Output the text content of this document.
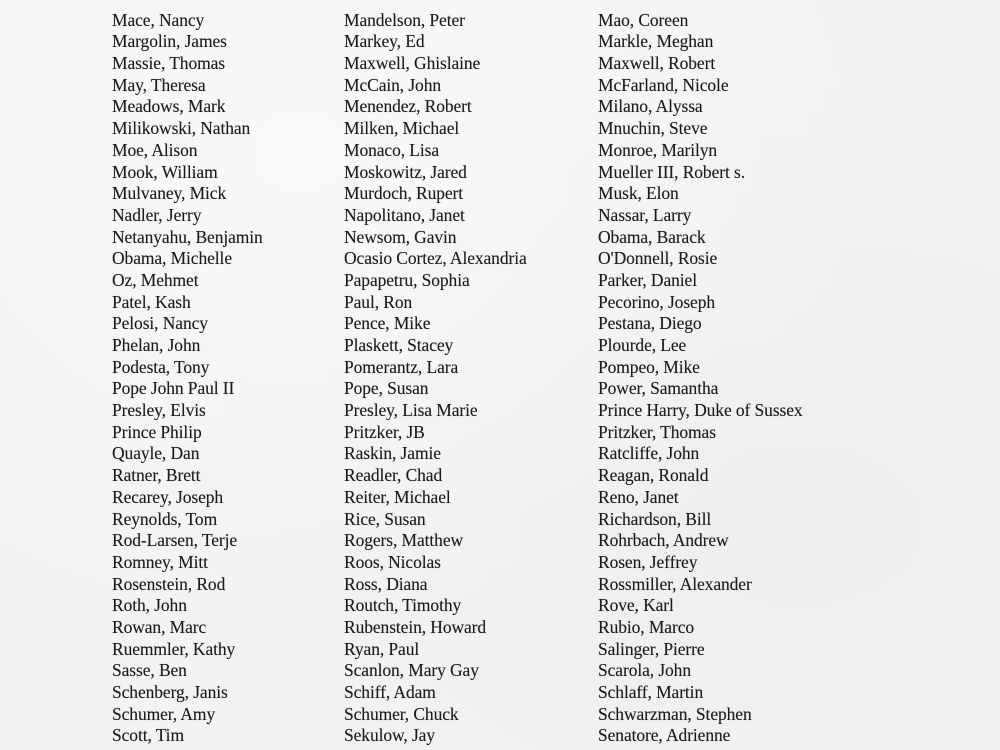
Mace, Nancy	Mandelson, Peter	Mao, Coreen
Margolin, James	Markey, Ed	Markle, Meghan
Massie, Thomas	Maxwell, Ghislaine	Maxwell, Robert
May, Theresa	McCain, John	McFarland, Nicole
Meadows, Mark	Menendez, Robert	Milano, Alyssa
Milikowski, Nathan	Milken, Michael	Mnuchin, Steve
Moe, Alison	Monaco, Lisa	Monroe, Marilyn
Mook, William	Moskowitz, Jared	Mueller III, Robert s.
Mulvaney, Mick	Murdoch, Rupert	Musk, Elon
Nadler, Jerry	Napolitano, Janet	Nassar, Larry
Netanyahu, Benjamin	Newsom, Gavin	Obama, Barack
Obama, Michelle	Ocasio Cortez, Alexandria	O'Donnell, Rosie
Oz, Mehmet	Papapetru, Sophia	Parker, Daniel
Patel, Kash	Paul, Ron	Pecorino, Joseph
Pelosi, Nancy	Pence, Mike	Pestana, Diego
Phelan, John	Plaskett, Stacey	Plourde, Lee
Podesta, Tony	Pomerantz, Lara	Pompeo, Mike
Pope John Paul II	Pope, Susan	Power, Samantha
Presley, Elvis	Presley, Lisa Marie	Prince Harry, Duke of Sussex
Prince Philip	Pritzker, JB	Pritzker, Thomas
Quayle, Dan	Raskin, Jamie	Ratcliffe, John
Ratner, Brett	Readler, Chad	Reagan, Ronald
Recarey, Joseph	Reiter, Michael	Reno, Janet
Reynolds, Tom	Rice, Susan	Richardson, Bill
Rod-Larsen, Terje	Rogers, Matthew	Rohrbach, Andrew
Romney, Mitt	Roos, Nicolas	Rosen, Jeffrey
Rosenstein, Rod	Ross, Diana	Rossmiller, Alexander
Roth, John	Routch, Timothy	Rove, Karl
Rowan, Marc	Rubenstein, Howard	Rubio, Marco
Ruemmler, Kathy	Ryan, Paul	Salinger, Pierre
Sasse, Ben	Scanlon, Mary Gay	Scarola, John
Schenberg, Janis	Schiff, Adam	Schlaff, Martin
Schumer, Amy	Schumer, Chuck	Schwarzman, Stephen
Scott, Tim	Sekulow, Jay	Senatore, Adrienne
